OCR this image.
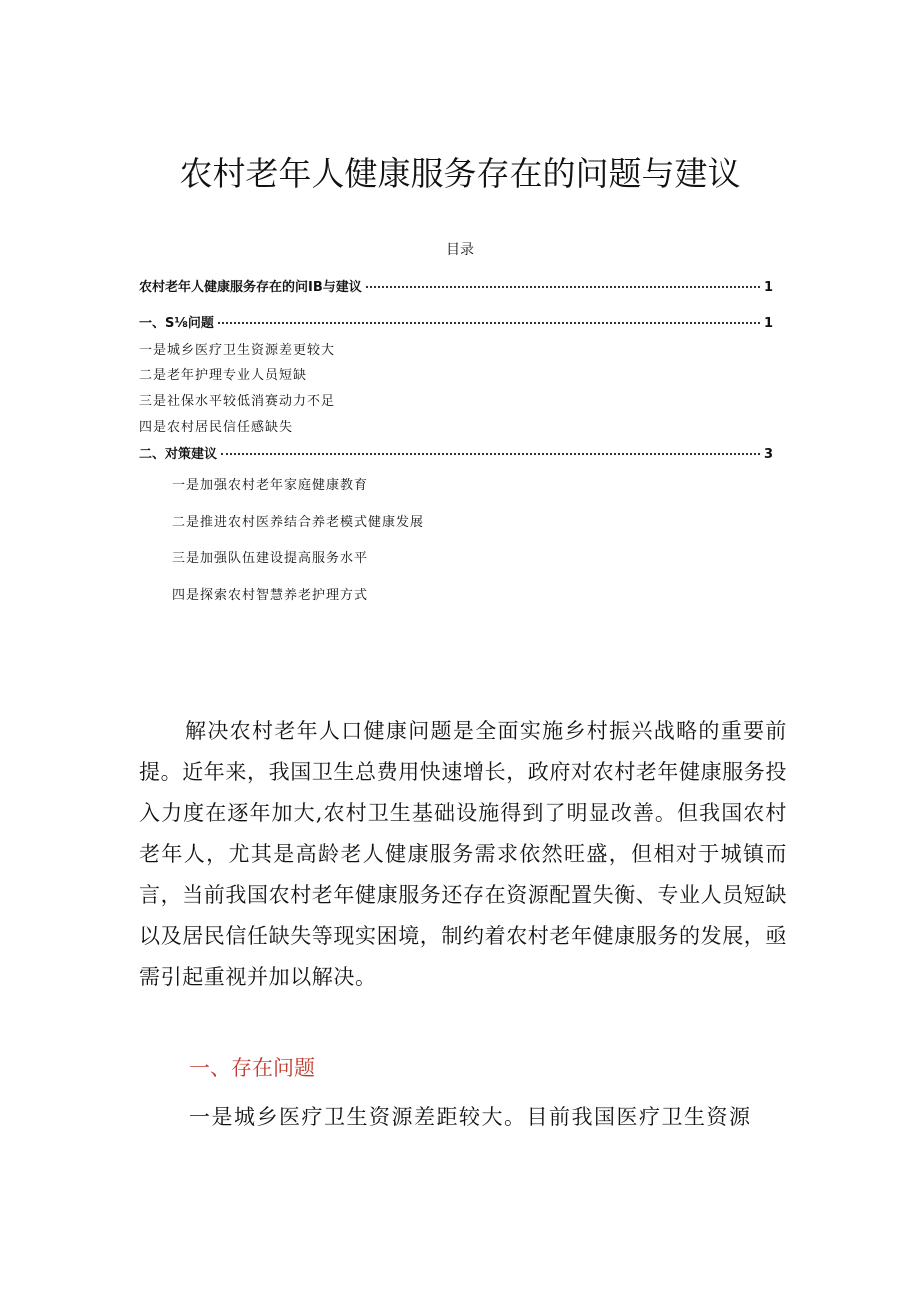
农村老年人健康服务存在的问题与建议
目录
农村老年人健康服务存在的问IB与建议	1
一、S⅛问题	1
一是城乡医疗卫生资源差更较大
二是老年护理专业人员短缺
三是社保水平较低消赛动力不足
四是农村居民信任感缺失
二、对策建议	3
一是加强农村老年家庭健康教育
二是推进农村医养结合养老模式健康发展
三是加强队伍建设提高服务水平
四是探索农村智慧养老护理方式

解决农村老年人口健康问题是全面实施乡村振兴战略的重要前提。近年来，我国卫生总费用快速增长，政府对农村老年健康服务投入力度在逐年加大,农村卫生基础设施得到了明显改善。但我国农村老年人，尤其是高龄老人健康服务需求依然旺盛，但相对于城镇而言，当前我国农村老年健康服务还存在资源配置失衡、专业人员短缺以及居民信任缺失等现实困境，制约着农村老年健康服务的发展，亟需引起重视并加以解决。

一、存在问题

一是城乡医疗卫生资源差距较大。目前我国医疗卫生资源
